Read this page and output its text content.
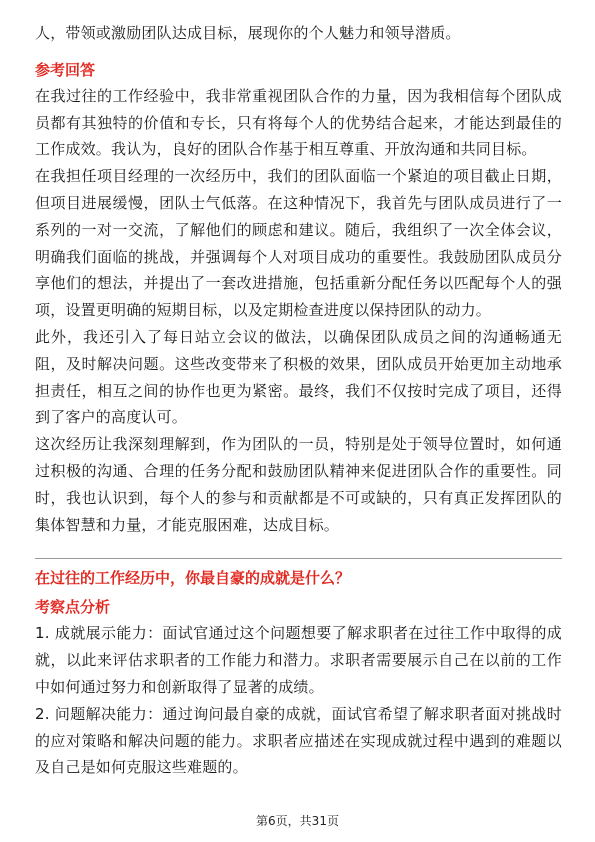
人，带领或激励团队达成目标，展现你的个人魅力和领导潜质。

参考回答

在我过往的工作经验中，我非常重视团队合作的力量，因为我相信每个团队成员都有其独特的价值和专长，只有将每个人的优势结合起来，才能达到最佳的工作成效。我认为，良好的团队合作基于相互尊重、开放沟通和共同目标。

在我担任项目经理的一次经历中，我们的团队面临一个紧迫的项目截止日期，但项目进展缓慢，团队士气低落。在这种情况下，我首先与团队成员进行了一系列的一对一交流，了解他们的顾虑和建议。随后，我组织了一次全体会议，明确我们面临的挑战，并强调每个人对项目成功的重要性。我鼓励团队成员分享他们的想法，并提出了一套改进措施，包括重新分配任务以匹配每个人的强项，设置更明确的短期目标，以及定期检查进度以保持团队的动力。

此外，我还引入了每日站立会议的做法，以确保团队成员之间的沟通畅通无阻，及时解决问题。这些改变带来了积极的效果，团队成员开始更加主动地承担责任，相互之间的协作也更为紧密。最终，我们不仅按时完成了项目，还得到了客户的高度认可。

这次经历让我深刻理解到，作为团队的一员，特别是处于领导位置时，如何通过积极的沟通、合理的任务分配和鼓励团队精神来促进团队合作的重要性。同时，我也认识到，每个人的参与和贡献都是不可或缺的，只有真正发挥团队的集体智慧和力量，才能克服困难，达成目标。

在过往的工作经历中，你最自豪的成就是什么？

考察点分析

1. 成就展示能力：面试官通过这个问题想要了解求职者在过往工作中取得的成就，以此来评估求职者的工作能力和潜力。求职者需要展示自己在以前的工作中如何通过努力和创新取得了显著的成绩。

2. 问题解决能力：通过询问最自豪的成就，面试官希望了解求职者面对挑战时的应对策略和解决问题的能力。求职者应描述在实现成就过程中遇到的难题以及自己是如何克服这些难题的。

第6页，共31页
